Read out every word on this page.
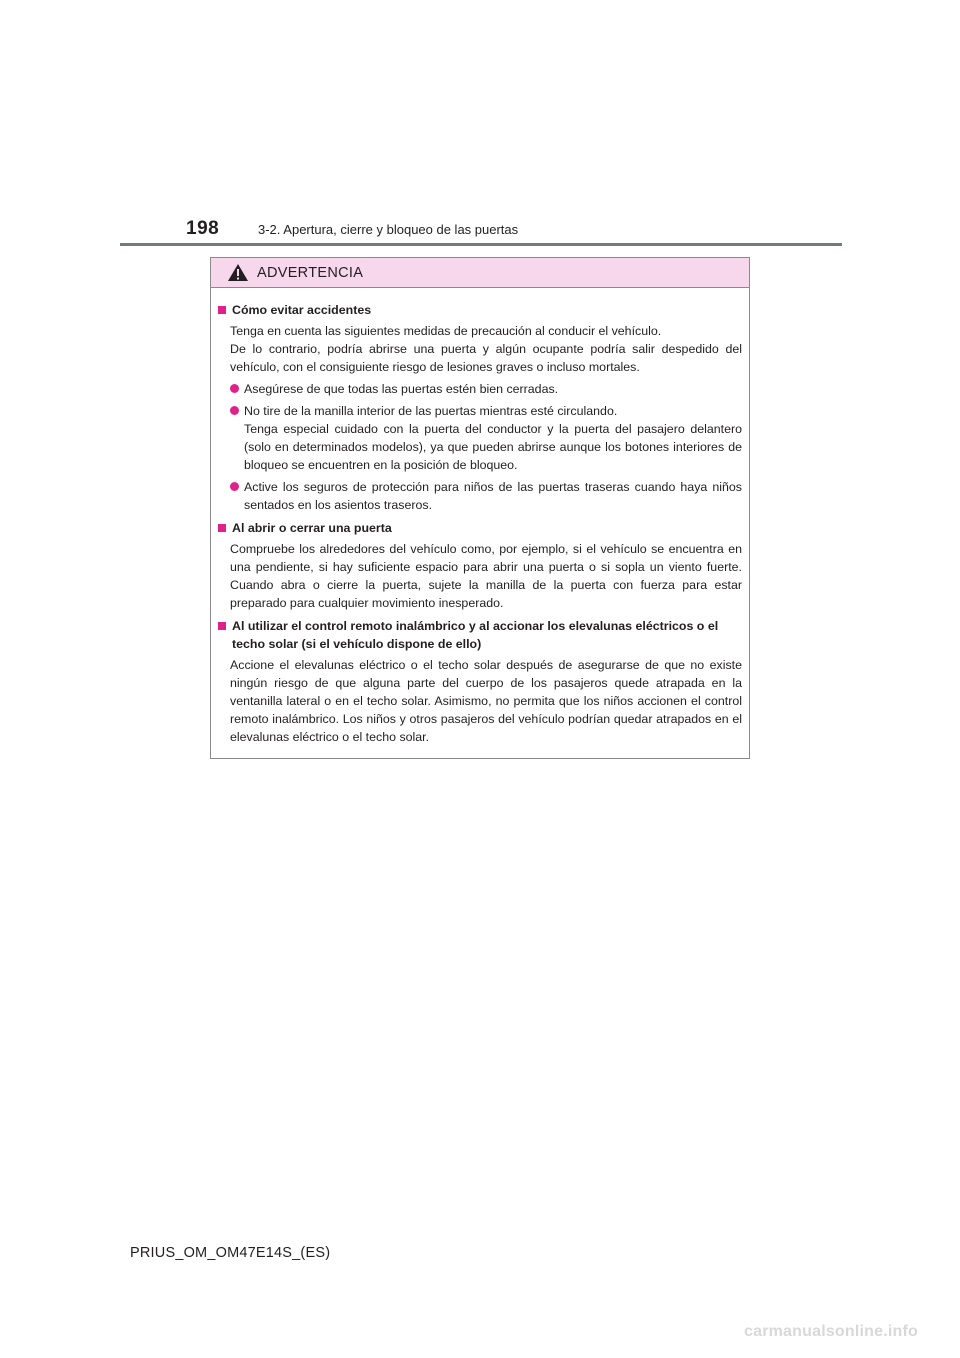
198	3-2. Apertura, cierre y bloqueo de las puertas
ADVERTENCIA
Cómo evitar accidentes
Tenga en cuenta las siguientes medidas de precaución al conducir el vehículo.
De lo contrario, podría abrirse una puerta y algún ocupante podría salir despedido del vehículo, con el consiguiente riesgo de lesiones graves o incluso mortales.
Asegúrese de que todas las puertas estén bien cerradas.
No tire de la manilla interior de las puertas mientras esté circulando.
Tenga especial cuidado con la puerta del conductor y la puerta del pasajero delantero (solo en determinados modelos), ya que pueden abrirse aunque los botones interiores de bloqueo se encuentren en la posición de bloqueo.
Active los seguros de protección para niños de las puertas traseras cuando haya niños sentados en los asientos traseros.
Al abrir o cerrar una puerta
Compruebe los alrededores del vehículo como, por ejemplo, si el vehículo se encuentra en una pendiente, si hay suficiente espacio para abrir una puerta o si sopla un viento fuerte. Cuando abra o cierre la puerta, sujete la manilla de la puerta con fuerza para estar preparado para cualquier movimiento inesperado.
Al utilizar el control remoto inalámbrico y al accionar los elevalunas eléctricos o el techo solar (si el vehículo dispone de ello)
Accione el elevalunas eléctrico o el techo solar después de asegurarse de que no existe ningún riesgo de que alguna parte del cuerpo de los pasajeros quede atrapada en la ventanilla lateral o en el techo solar. Asimismo, no permita que los niños accionen el control remoto inalámbrico. Los niños y otros pasajeros del vehículo podrían quedar atrapados en el elevalunas eléctrico o el techo solar.
PRIUS_OM_OM47E14S_(ES)
carmanualsonline.info
